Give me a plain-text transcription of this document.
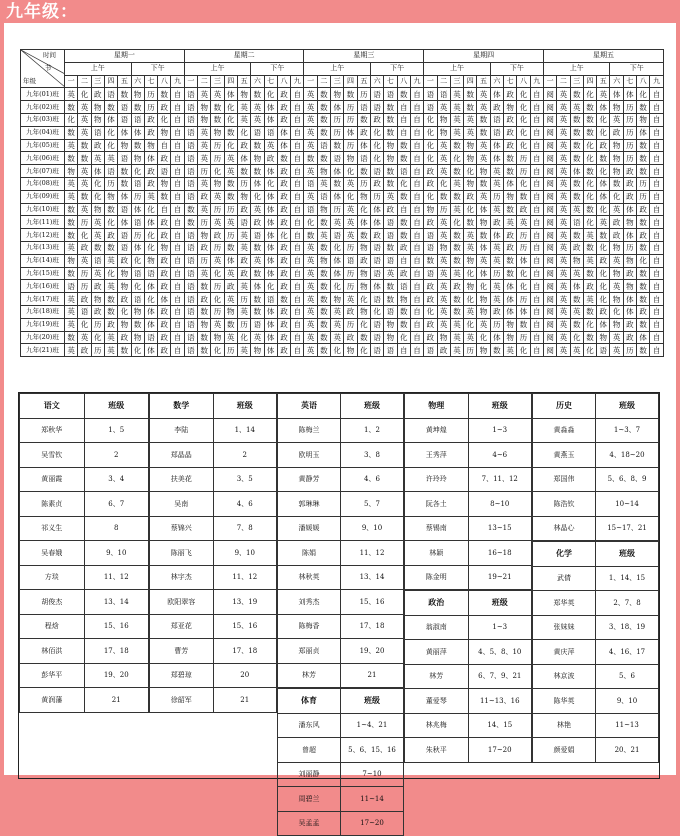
九年级：
时间
节
年级	星期一									星期二									星期三									星期四									星期五								
	上午					下午				上午					下午				上午					下午				上午					下午				上午					下午			
	一	二	三	四	五	六	七	八	九	一	二	三	四	五	六	七	八	九	一	二	三	四	五	六	七	八	九	一	二	三	四	五	六	七	八	九	一	二	三	四	五	六	七	八	九
九年(01)班	英	化	政	语	数	物	历	数	自	语	英	英	体	物	数	化	政	自	英	数	物	数	历	语	语	数	自	语	语	英	数	英	体	政	化	自	阅	英	数	化	英	体	体	化	自
九年(02)班	数	英	物	数	语	数	历	政	自	语	物	数	化	英	英	体	政	自	英	数	体	历	语	语	数	自	自	语	英	英	数	英	政	物	化	自	阅	英	英	数	体	物	历	数	自
九年(03)班	化	英	物	体	语	语	政	化	自	语	物	数	化	英	英	体	政	自	英	数	历	历	数	政	数	自	自	化	物	英	英	数	语	政	化	自	阅	英	数	数	化	英	历	物	自
九年(04)班	数	英	语	化	体	体	政	物	自	语	英	物	数	化	语	语	体	自	英	数	历	体	政	化	数	自	自	化	物	英	英	数	语	政	化	自	阅	英	数	数	化	政	历	体	自
九年(05)班	英	数	政	化	物	数	物	自	自	语	英	历	化	政	数	英	体	自	英	语	数	历	体	化	物	数	自	化	英	数	物	英	体	政	化	自	阅	英	数	化	政	物	历	数	自
九年(06)班	数	数	英	英	语	物	体	政	自	语	英	历	英	体	物	政	数	自	数	数	语	物	语	化	物	数	自	化	英	化	物	英	体	数	历	自	阅	英	数	化	数	物	历	数	自
九年(07)班	物	英	体	语	数	化	政	语	自	语	历	化	英	数	数	体	政	自	英	物	体	化	数	语	数	语	自	政	英	数	化	物	英	数	历	自	阅	英	体	数	化	物	政	数	自
九年(08)班	英	英	化	历	数	语	政	物	自	语	英	物	数	历	体	化	政	自	语	英	数	英	历	政	数	化	自	政	化	英	物	数	英	体	化	自	阅	英	数	化	体	数	政	历	自
九年(09)班	英	数	化	物	体	历	英	数	自	语	政	英	数	物	化	体	政	自	英	语	体	化	物	历	英	数	自	化	数	数	政	英	历	物	数	自	阅	英	数	化	体	化	政	历	自
九年(10)班	数	英	物	数	语	体	化	自	自	数	英	历	历	政	英	体	政	自	语	物	历	英	化	体	政	自	自	物	历	英	化	体	英	数	政	自	阅	英	英	数	化	英	体	政	自
九年(11)班	数	历	英	化	体	语	体	政	自	数	历	英	英	语	政	体	政	自	化	数	英	英	体	体	语	数	自	政	英	化	数	物	政	英	英	自	阅	英	语	化	英	政	物	数	自
九年(12)班	数	化	英	政	语	历	化	政	自	语	物	政	历	英	语	体	化	自	数	英	语	英	数	政	语	数	自	语	英	数	英	数	体	政	历	自	阅	英	数	英	数	政	体	政	自
九年(13)班	英	政	数	数	语	体	化	物	自	语	政	历	数	英	数	体	政	自	英	数	化	历	物	语	数	政	自	语	物	数	英	体	英	政	历	自	阅	英	政	数	化	物	历	数	自
九年(14)班	物	英	语	英	政	化	物	政	自	语	历	英	体	政	英	体	政	自	英	物	体	语	政	语	语	自	自	数	英	数	物	英	英	数	体	自	阅	英	物	英	政	英	物	化	自
九年(15)班	数	历	英	化	物	语	语	政	自	语	英	化	英	政	数	体	政	自	英	数	体	历	物	语	英	政	自	语	英	英	化	体	历	数	化	自	阅	英	英	数	化	物	政	数	自
九年(16)班	语	历	政	英	物	化	体	政	自	语	数	历	政	英	体	化	政	自	英	数	化	历	物	体	数	语	自	政	英	政	物	化	英	体	化	自	阅	英	体	政	化	英	物	数	自
九年(17)班	英	政	物	数	政	语	化	体	自	语	政	化	英	历	数	语	数	自	英	数	物	英	化	语	数	物	自	政	英	数	化	物	英	体	历	自	阅	英	数	英	化	物	体	数	自
九年(18)班	英	语	政	数	化	物	体	政	自	语	数	历	物	英	数	体	政	自	英	数	英	政	物	化	语	数	自	化	英	数	英	物	政	体	体	自	阅	英	英	数	政	化	体	政	自
九年(19)班	英	化	历	政	物	数	体	政	自	语	物	英	数	历	语	体	政	自	英	数	英	历	化	语	物	数	自	政	英	英	化	英	历	物	数	自	阅	英	数	化	体	物	政	数	自
九年(20)班	数	英	化	英	政	物	语	政	自	语	数	物	英	化	英	体	政	自	英	数	英	政	数	语	物	化	自	政	物	英	英	化	体	物	历	自	阅	英	化	数	物	英	政	体	自
九年(21)班	英	政	历	英	数	化	体	政	自	语	数	化	历	英	物	体	政	自	英	数	化	物	化	语	语	自	自	语	政	英	历	物	数	英	化	自	阅	英	英	化	语	英	历	数	自
语文	班级
郑秋华	1、5
吴雪钦	2
黄丽霞	3、4
陈素贞	6、7
祁义生	8
吴春娥	9、10
方琰	11、12
胡俊杰	13、14
程焓	15、16
林佰洪	17、18
彭华平	19、20
黄润藩	21
数学	班级
李陆	1、14
郑晶晶	2
扶美花	3、5
吴南	4、6
蔡锦兴	7、8
陈丽飞	9、10
林宇杰	11、12
欧阳翠容	13、19
郑亚花	15、16
曹芳	17、18
郑碧琼	20
徐韶军	21
英语	班级
陈梅兰	1、2
欧明玉	3、8
黄静芳	4、6
郭琳琳	5、7
潘媛媛	9、10
陈娟	11、12
林秋英	13、14
刘秀杰	15、16
陈梅香	17、18
郑丽贞	19、20
林芳	21
体育	班级
潘东风	1~4、21
曾超	5、6、15、16
刘丽静	7~10
周碧兰	11~14
吴孟孟	17~20
物理	班级
黄坤煌	1~3
王秀萍	4~6
许玲玲	7、11、12
阮各土	8~10
蔡锡南	13~15
林颖	16~18
陈金明	19~21
政治	班级
翁淑南	1~3
黄丽萍	4、5、8、10
林芳	6、7、9、21
董爱琴	11~13、16
林兆梅	14、15
朱秋平	17~20
历史	班级
黄淼淼	1~3、7
黄燕玉	4、18~20
郑国伟	5、6、8、9
陈浩钦	10~14
林晶心	15~17、21
化学	班级
武倩	1、14、15
郑华英	2、7、8
张妹妹	3、18、19
黄庆萍	4、16、17
林京波	5、6
陈华英	9、10
林艳	11~13
颜爱娟	20、21
